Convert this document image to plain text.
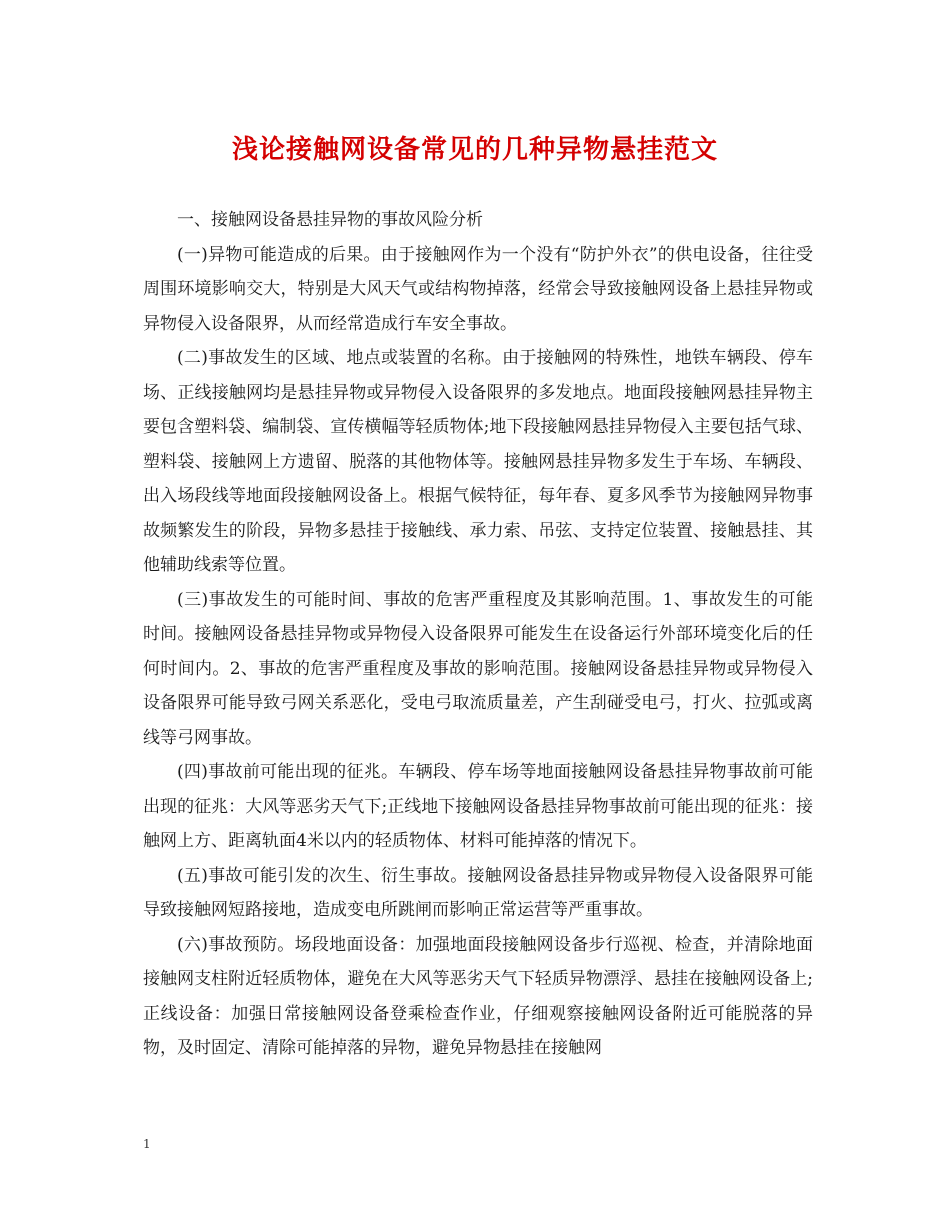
浅论接触网设备常见的几种异物悬挂范文

一、接触网设备悬挂异物的事故风险分析

(一)异物可能造成的后果。由于接触网作为一个没有“防护外衣”的供电设备，往往受周围环境影响交大，特别是大风天气或结构物掉落，经常会导致接触网设备上悬挂异物或异物侵入设备限界，从而经常造成行车安全事故。

(二)事故发生的区域、地点或装置的名称。由于接触网的特殊性，地铁车辆段、停车场、正线接触网均是悬挂异物或异物侵入设备限界的多发地点。地面段接触网悬挂异物主要包含塑料袋、编制袋、宣传横幅等轻质物体;地下段接触网悬挂异物侵入主要包括气球、塑料袋、接触网上方遗留、脱落的其他物体等。接触网悬挂异物多发生于车场、车辆段、出入场段线等地面段接触网设备上。根据气候特征，每年春、夏多风季节为接触网异物事故频繁发生的阶段，异物多悬挂于接触线、承力索、吊弦、支持定位装置、接触悬挂、其他辅助线索等位置。

(三)事故发生的可能时间、事故的危害严重程度及其影响范围。1、事故发生的可能时间。接触网设备悬挂异物或异物侵入设备限界可能发生在设备运行外部环境变化后的任何时间内。2、事故的危害严重程度及事故的影响范围。接触网设备悬挂异物或异物侵入设备限界可能导致弓网关系恶化，受电弓取流质量差，产生刮碰受电弓，打火、拉弧或离线等弓网事故。

(四)事故前可能出现的征兆。车辆段、停车场等地面接触网设备悬挂异物事故前可能出现的征兆：大风等恶劣天气下;正线地下接触网设备悬挂异物事故前可能出现的征兆：接触网上方、距离轨面4米以内的轻质物体、材料可能掉落的情况下。

(五)事故可能引发的次生、衍生事故。接触网设备悬挂异物或异物侵入设备限界可能导致接触网短路接地，造成变电所跳闸而影响正常运营等严重事故。

(六)事故预防。场段地面设备：加强地面段接触网设备步行巡视、检查，并清除地面接触网支柱附近轻质物体，避免在大风等恶劣天气下轻质异物漂浮、悬挂在接触网设备上;正线设备：加强日常接触网设备登乘检查作业，仔细观察接触网设备附近可能脱落的异物，及时固定、清除可能掉落的异物，避免异物悬挂在接触网

1
